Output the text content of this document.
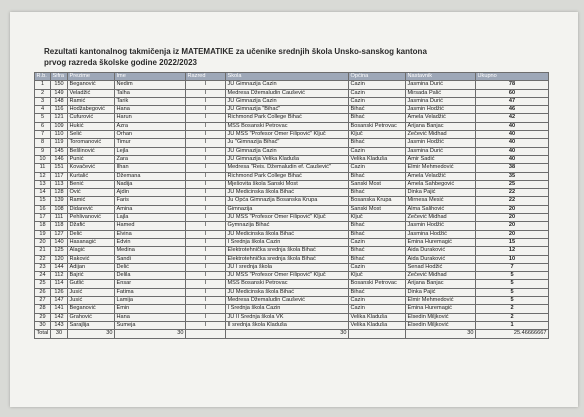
Rezultati kantonalnog takmičenja iz MATEMATIKE za učenike srednjih škola Unsko-sanskog kantona
prvog razreda školske godine 2022/2023
R.b.	Šifra	Prezime	Ime	Razred	Škola	Općina	Nastavnik	Ukupno
1	150	Beganović	Nedim	I	JU Gimnazija Cazin	Cazin	Jasmina Durić	78
2	149	Veladžić	Talha	I	Medresa Džemaludin Čaušević	Cazin	Mirsada Palić	60
3	148	Ramić	Tarik	I	JU Gimnazija Cazin	Cazin	Jasmina Durić	47
4	116	Hodžabegović	Hana	I	JU Gimnazija "Bihać"	Bihać	Jasmin Hodžić	46
5	121	Ćufurović	Harun	I	Richmond Park College Bihać	Bihać	Amela Veladžić	42
6	109	Hukić	Azra	I	MSŠ Bosanski Petrovac	Bosanski Petrovac	Arijana Banjac	40
7	110	Selić	Orhan	I	JU MSŠ "Profesor Omer Filipović" Ključ	Ključ	Zečević Midhad	40
8	119	Toromanović	Timur	I	Ju "Gimnazija Bihać"	Bihać	Jasmin Hodžić	40
9	145	Bešlinović	Lejla	I	JU Gimnazija Cazin	Cazin	Jasmina Durić	40
10	146	Punić	Zara	I	JU Gimnazija Velika Kladuša	Velika Kladuša	Amir Sadić	40
11	151	Kovačević	Ilhan	I	Medresa "Reis. Džemaludin ef. Čaušević"	Cazin	Elmir Mehmedović	38
12	117	Kurtalić	Džemana	I	Richmond Park College Bihać	Bihać	Amela Veladžić	35
13	113	Benić	Nadija	I	Mješovita škola Sanski Most	Sanski Most	Amela Šahbegović	25
14	128	Ović	Ajdin	I	JU Medicinska škola Bihać	Bihać	Dinka Pajić	22
15	139	Ramić	Faris	I	Ju Opća Gimnazija Bosanska Krupa	Bosanska Krupa	Mirnesa Mesić	22
16	108	Didarević	Amina	I	Gimnazija	Sanski Most	Alma Salihović	20
17	111	Pehlivanović	Lajla	I	JU MSŠ "Profesor Omer Filipović" Ključ	Ključ	Zečević Midhad	20
18	118	Džafić	Hamed	I	Gymnazija Bihać	Bihać	Jasmin Hodžić	20
19	127	Delić	Elvina	I	JU Medicinska škola Bihać	Bihać	Jasmina Hodžić	20
20	140	Hasanagić	Edvin	I	I Srednja škola Cazin	Cazin	Emina Huremagić	15
21	125	Alagić	Medina	I	Elektrotehnička srednja škola Bihać	Bihać	Aida Duraković	12
22	120	Raković	Sandi	I	Elektrotehnička srednja škola Bihać	Bihać	Aida Duraković	10
23	144	Adijan	Delić	I	JU I srednja škola	Cazin	Senad Hodžić	7
24	112	Bajrić	Delila	I	JU MSŠ "Profesor Omer Filipović" Ključ	Ključ	Zečević Midhad	5
25	114	Gutlić	Ensar	I	MSŠ Bosanski Petrovac	Bosanski Petrovac	Arijana Banjac	5
26	126	Jusić	Fatima	I	JU Medicinska škola Bihać	Bihać	Dinka Pajić	5
27	147	Jusić	Lamija	I	Medresa Džemaludin Čaušević	Cazin	Elmir Mehmedović	5
28	141	Beganović	Emin	I	I Srednja škola Cazin	Cazin	Emina Huremagić	2
29	142	Grahović	Hana	I	JU II Srednja škola VK	Velika Kladuša	Elsedin Miljković	2
30	143	Sarajlija	Sumeja	I	II srednja škola Kladuša	Velika Kladuša	Elsedin Miljković	1
Total	30	30	30		30		30	25.46666667
